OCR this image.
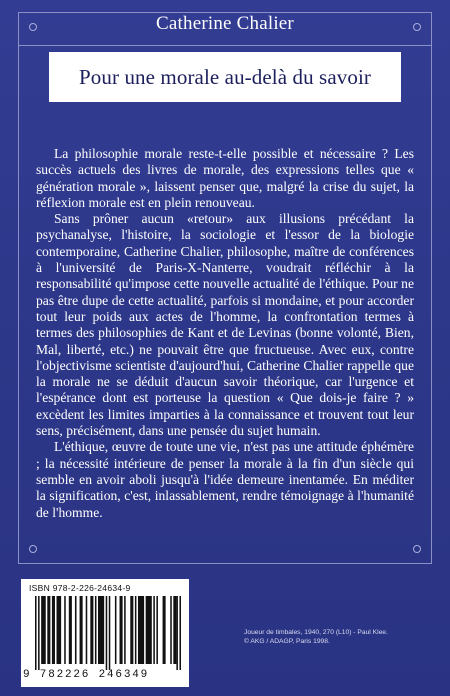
Catherine Chalier
Pour une morale au-delà du savoir

La philosophie morale reste-t-elle possible et nécessaire ? Les succès actuels des livres de morale, des expressions telles que « génération morale », laissent penser que, malgré la crise du sujet, la réflexion morale est en plein renouveau.

Sans prôner aucun «retour» aux illusions précédant la psychanalyse, l'histoire, la sociologie et l'essor de la biologie contemporaine, Catherine Chalier, philosophe, maître de conférences à l'université de Paris-X-Nanterre, voudrait réfléchir à la responsabilité qu'impose cette nouvelle actualité de l'éthique. Pour ne pas être dupe de cette actualité, parfois si mondaine, et pour accorder tout leur poids aux actes de l'homme, la confrontation termes à termes des philosophies de Kant et de Levinas (bonne volonté, Bien, Mal, liberté, etc.) ne pouvait être que fructueuse. Avec eux, contre l'objectivisme scientiste d'aujourd'hui, Catherine Chalier rappelle que la morale ne se déduit d'aucun savoir théorique, car l'urgence et l'espérance dont est porteuse la question « Que dois-je faire ? » excèdent les limites imparties à la connaissance et trouvent tout leur sens, précisément, dans une pensée du sujet humain.

L'éthique, œuvre de toute une vie, n'est pas une attitude éphémère ; la nécessité intérieure de penser la morale à la fin d'un siècle qui semble en avoir aboli jusqu'à l'idée demeure inentamée. En méditer la signification, c'est, inlassablement, rendre témoignage à l'humanité de l'homme.

ISBN 978-2-226-24634-9
9 782226 246349
Joueur de timbales, 1940, 270 (L10) - Paul Klee.
© AKG / ADAGP, Paris 1998.
